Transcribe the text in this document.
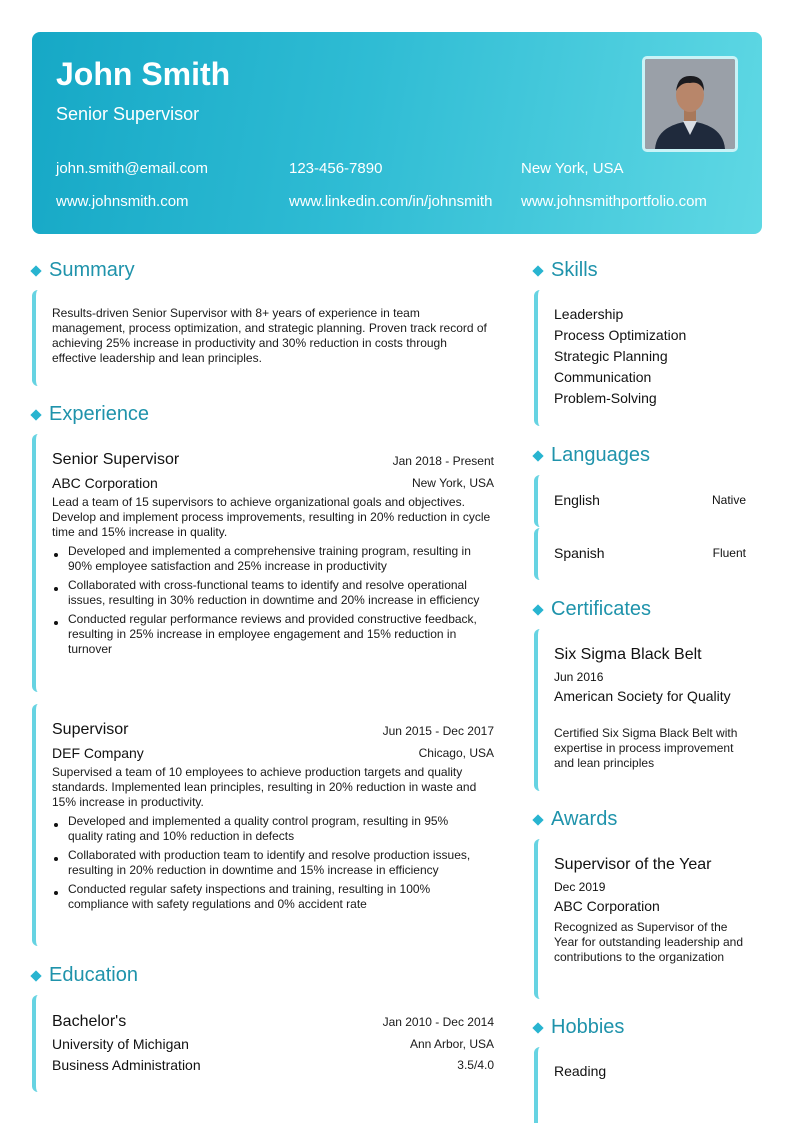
John Smith
Senior Supervisor
john.smith@email.com	123-456-7890	New York, USA
www.johnsmith.com	www.linkedin.com/in/johnsmith www.johnsmithportfolio.com
Summary
Results-driven Senior Supervisor with 8+ years of experience in team management, process optimization, and strategic planning. Proven track record of achieving 25% increase in productivity and 30% reduction in costs through effective leadership and lean principles.
Experience
Senior Supervisor	Jan 2018 - Present
ABC Corporation	New York, USA
Lead a team of 15 supervisors to achieve organizational goals and objectives. Develop and implement process improvements, resulting in 20% reduction in cycle time and 15% increase in quality.
Developed and implemented a comprehensive training program, resulting in 90% employee satisfaction and 25% increase in productivity
Collaborated with cross-functional teams to identify and resolve operational issues, resulting in 30% reduction in downtime and 20% increase in efficiency
Conducted regular performance reviews and provided constructive feedback, resulting in 25% increase in employee engagement and 15% reduction in turnover
Supervisor	Jun 2015 - Dec 2017
DEF Company	Chicago, USA
Supervised a team of 10 employees to achieve production targets and quality standards. Implemented lean principles, resulting in 20% reduction in waste and 15% increase in productivity.
Developed and implemented a quality control program, resulting in 95% quality rating and 10% reduction in defects
Collaborated with production team to identify and resolve production issues, resulting in 20% reduction in downtime and 15% increase in efficiency
Conducted regular safety inspections and training, resulting in 100% compliance with safety regulations and 0% accident rate
Education
Bachelor's	Jan 2010 - Dec 2014
University of Michigan	Ann Arbor, USA
Business Administration	3.5/4.0
Skills
Leadership
Process Optimization
Strategic Planning
Communication
Problem-Solving
Languages
English	Native
Spanish	Fluent
Certificates
Six Sigma Black Belt
Jun 2016
American Society for Quality
Certified Six Sigma Black Belt with expertise in process improvement and lean principles
Awards
Supervisor of the Year
Dec 2019
ABC Corporation
Recognized as Supervisor of the Year for outstanding leadership and contributions to the organization
Hobbies
Reading
